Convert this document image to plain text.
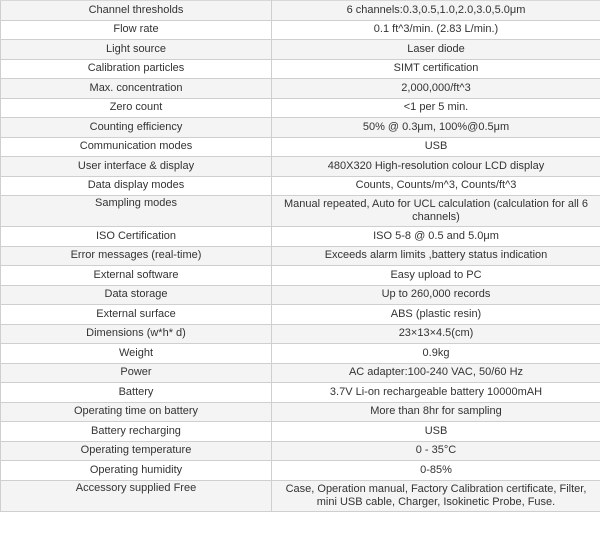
Channel thresholds	6 channels:0.3,0.5,1.0,2.0,3.0,5.0μm
Flow rate	0.1 ft^3/min. (2.83 L/min.)
Light source	Laser diode
Calibration particles	SIMT certification
Max. concentration	2,000,000/ft^3
Zero count	<1 per 5 min.
Counting efficiency	50% @ 0.3μm, 100%@0.5μm
Communication modes	USB
User interface & display	480X320 High-resolution colour LCD display
Data display modes	Counts, Counts/m^3, Counts/ft^3
Sampling modes	Manual repeated, Auto for UCL calculation (calculation for all 6 channels)
ISO Certification	ISO 5-8 @ 0.5 and 5.0μm
Error messages (real-time)	Exceeds alarm limits ,battery status indication
External software	Easy upload to PC
Data storage	Up to 260,000 records
External surface	ABS (plastic resin)
Dimensions (w*h* d)	23×13×4.5(cm)
Weight	0.9kg
Power	AC adapter:100-240 VAC, 50/60 Hz
Battery	3.7V Li-on rechargeable battery 10000mAH
Operating time on battery	More than 8hr for sampling
Battery recharging	USB
Operating temperature	0 - 35°C
Operating humidity	0-85%
Accessory supplied Free	Case, Operation manual, Factory Calibration certificate, Filter, mini USB cable, Charger, Isokinetic Probe, Fuse.
